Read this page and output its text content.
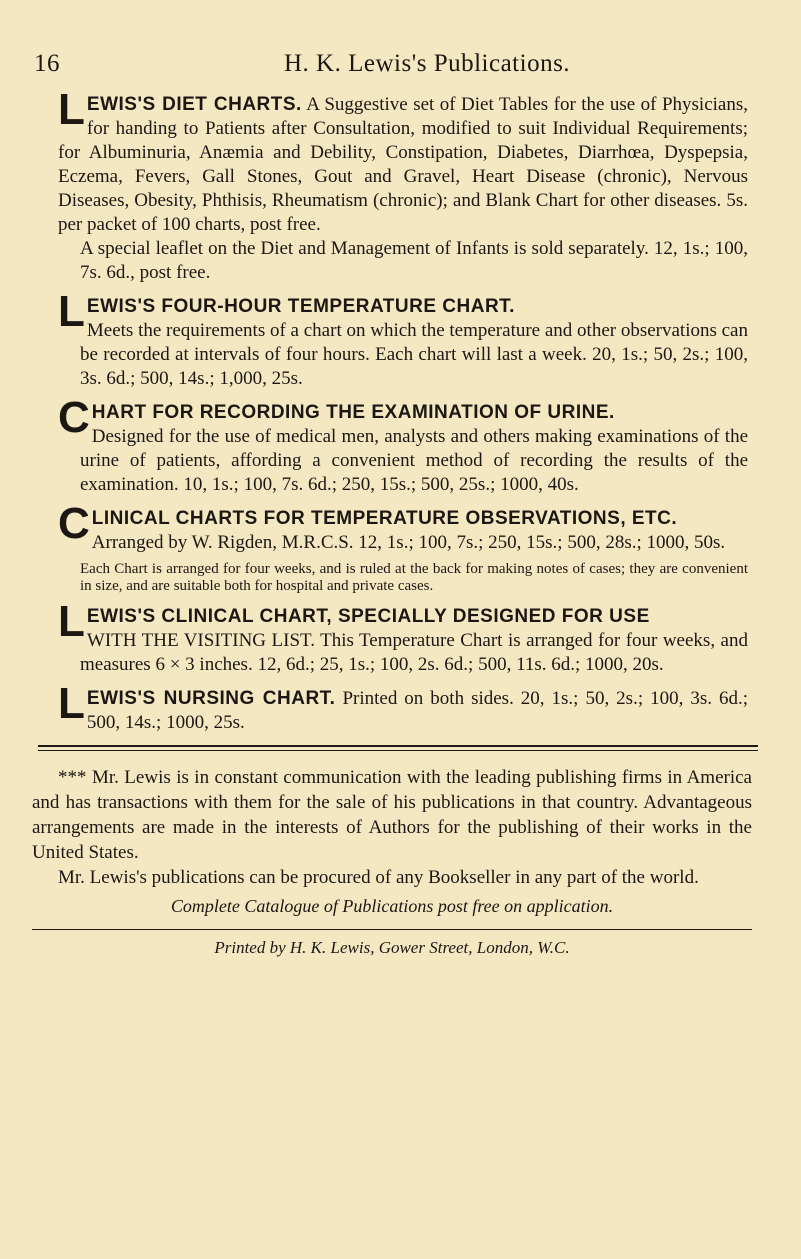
16	H. K. Lewis's Publications.
L EWIS'S DIET CHARTS. A Suggestive set of Diet Tables for the use of Physicians, for handing to Patients after Consultation, modified to suit Individual Requirements; for Albuminuria, Anæmia and Debility, Constipation, Diabetes, Diarrhœa, Dyspepsia, Eczema, Fevers, Gall Stones, Gout and Gravel, Heart Disease (chronic), Nervous Diseases, Obesity, Phthisis, Rheumatism (chronic); and Blank Chart for other diseases. 5s. per packet of 100 charts, post free.

A special leaflet on the Diet and Management of Infants is sold separately. 12, 1s.; 100, 7s. 6d., post free.

L EWIS'S FOUR-HOUR TEMPERATURE CHART.

Meets the requirements of a chart on which the temperature and other observations can be recorded at intervals of four hours. Each chart will last a week. 20, 1s.; 50, 2s.; 100, 3s. 6d.; 500, 14s.; 1,000, 25s.

C HART FOR RECORDING THE EXAMINATION OF URINE.

Designed for the use of medical men, analysts and others making examinations of the urine of patients, affording a convenient method of recording the results of the examination. 10, 1s.; 100, 7s. 6d.; 250, 15s.; 500, 25s.; 1000, 40s.

C LINICAL CHARTS FOR TEMPERATURE OBSERVATIONS, ETC.

Arranged by W. Rigden, M.R.C.S. 12, 1s.; 100, 7s.; 250, 15s.; 500, 28s.; 1000, 50s.

Each Chart is arranged for four weeks, and is ruled at the back for making notes of cases; they are convenient in size, and are suitable both for hospital and private cases.

L EWIS'S CLINICAL CHART, SPECIALLY DESIGNED FOR USE

WITH THE VISITING LIST. This Temperature Chart is arranged for four weeks, and measures 6 × 3 inches. 12, 6d.; 25, 1s.; 100, 2s. 6d.; 500, 11s. 6d.; 1000, 20s.

L EWIS'S NURSING CHART. Printed on both sides. 20, 1s.; 50, 2s.; 100, 3s. 6d.; 500, 14s.; 1000, 25s.

*** Mr. Lewis is in constant communication with the leading publishing firms in America and has transactions with them for the sale of his publications in that country. Advantageous arrangements are made in the interests of Authors for the publishing of their works in the United States.

Mr. Lewis's publications can be procured of any Bookseller in any part of the world.

Complete Catalogue of Publications post free on application.
Printed by H. K. Lewis, Gower Street, London, W.C.
